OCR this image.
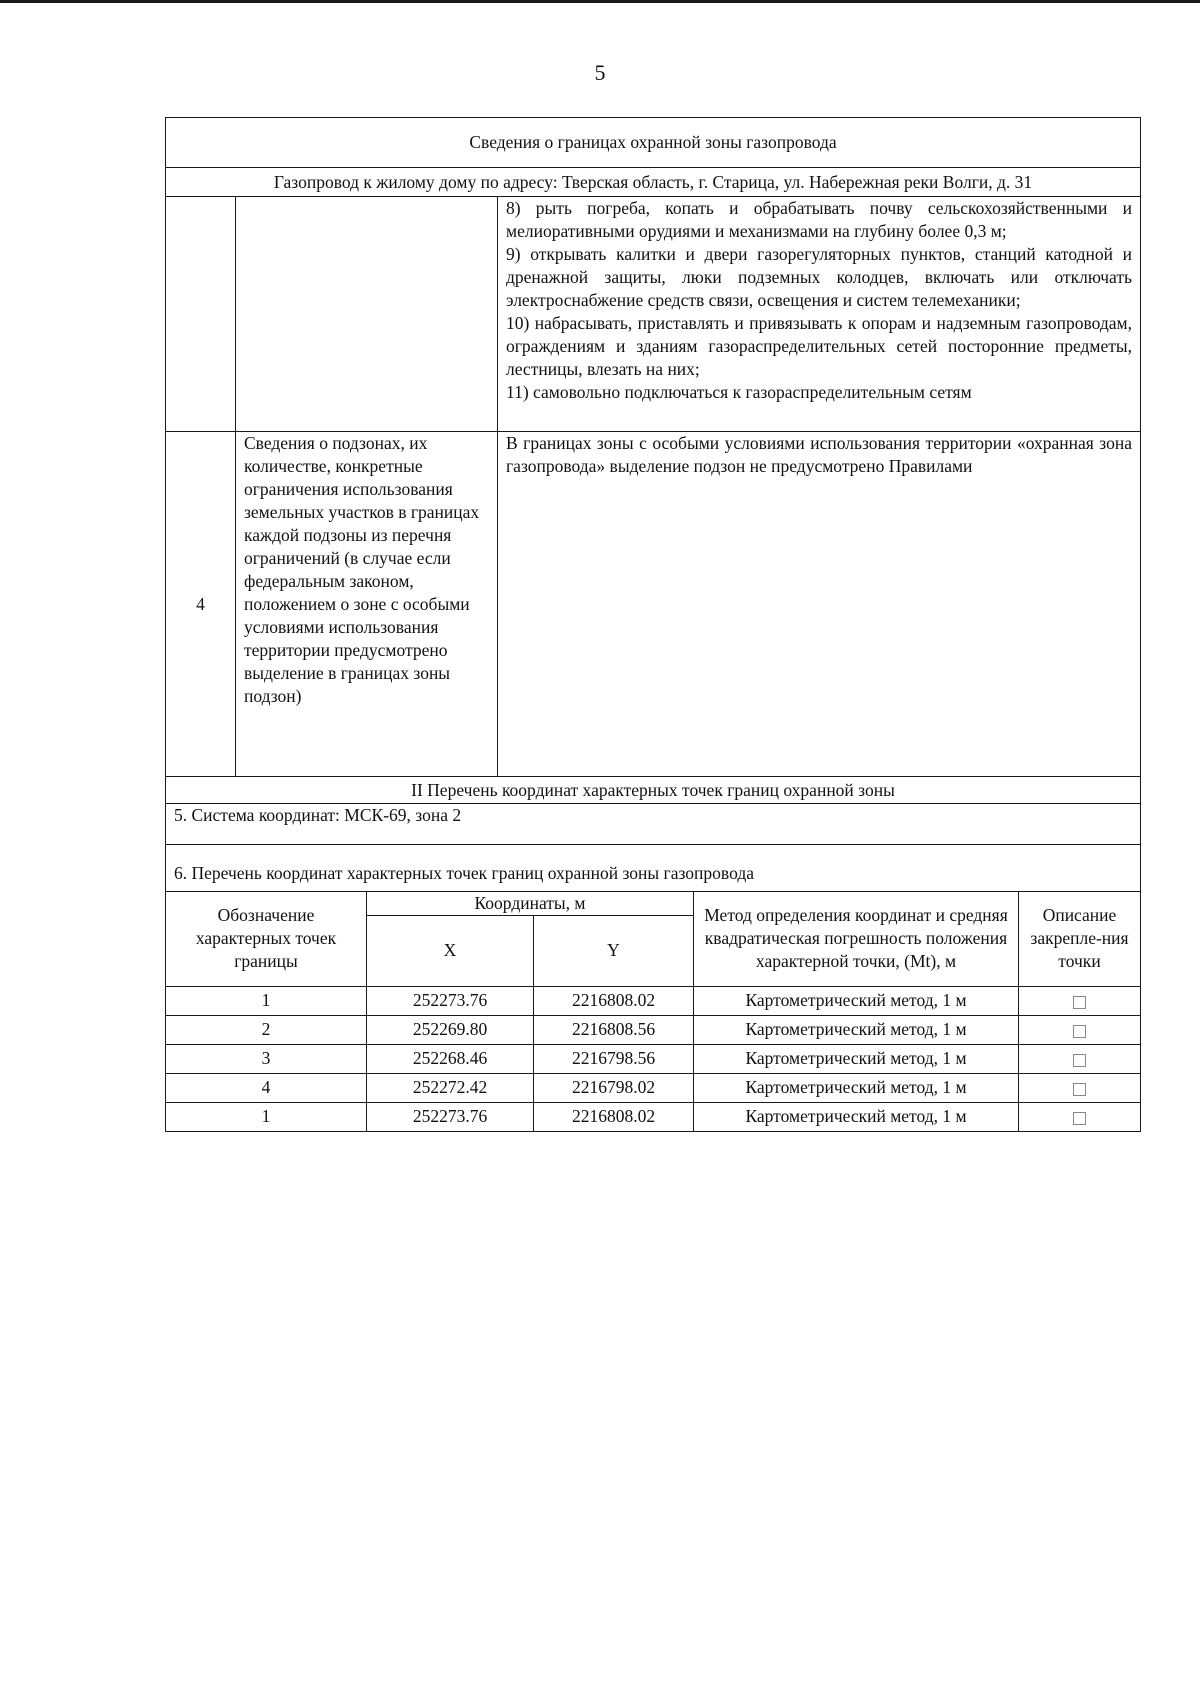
5
Сведения о границах охранной зоны газопровода		
Газопровод к жилому дому по адресу: Тверская область, г. Старица, ул. Набережная реки Волги, д. 31		

		8) рыть погреба, копать и обрабатывать почву сельскохозяйственными и мелиоративными орудиями и механизмами на глубину более 0,3 м;
9) открывать калитки и двери газорегуляторных пунктов, станций катодной и дренажной защиты, люки подземных колодцев, включать или отключать электроснабжение средств связи, освещения и систем телемеханики;
10) набрасывать, приставлять и привязывать к опорам и надземным газопроводам, ограждениям и зданиям газораспределительных сетей посторонние предметы, лестницы, влезать на них;
11) самовольно подключаться к газораспределительным сетям

4	Сведения о подзонах, их количестве, конкретные ограничения использования земельных участков в границах каждой подзоны из перечня ограничений (в случае если федеральным законом, положением о зоне с особыми условиями использования территории предусмотрено выделение в границах зоны подзон)	В границах зоны с особыми условиями использования территории «охранная зона газопровода» выделение подзон не предусмотрено Правилами
II Перечень координат характерных точек границ охранной зоны		
5. Система координат: МСК-69, зона 2		
6. Перечень координат характерных точек границ охранной зоны газопровода		
Обозначение характерных точек границы	Координаты, м		Метод определения координат и средняя квадратическая погрешность положения характерной точки, (Mt), м	Описание закрепле-ния точки
	X	Y		
1	252273.76	2216808.02	Картометрический метод, 1 м	
2	252269.80	2216808.56	Картометрический метод, 1 м	
3	252268.46	2216798.56	Картометрический метод, 1 м	
4	252272.42	2216798.02	Картометрический метод, 1 м	
1	252273.76	2216808.02	Картометрический метод, 1 м	
